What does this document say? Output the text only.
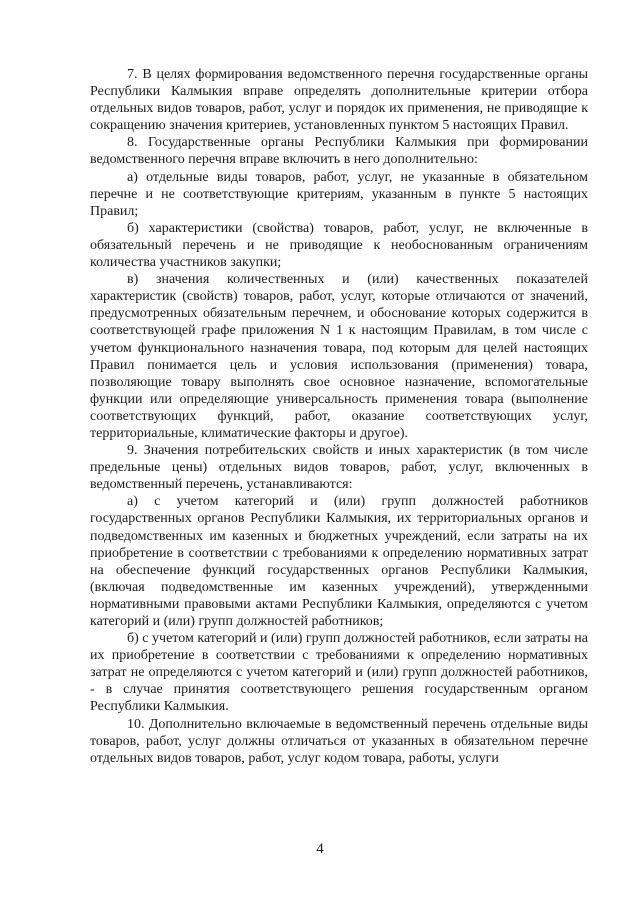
7. В целях формирования ведомственного перечня государственные органы Республики Калмыкия вправе определять дополнительные критерии отбора отдельных видов товаров, работ, услуг и порядок их применения, не приводящие к сокращению значения критериев, установленных пунктом 5 настоящих Правил.

8. Государственные органы Республики Калмыкия при формировании ведомственного перечня вправе включить в него дополнительно:

а) отдельные виды товаров, работ, услуг, не указанные в обязательном перечне и не соответствующие критериям, указанным в пункте 5 настоящих Правил;

б) характеристики (свойства) товаров, работ, услуг, не включенные в обязательный перечень и не приводящие к необоснованным ограничениям количества участников закупки;

в) значения количественных и (или) качественных показателей характеристик (свойств) товаров, работ, услуг, которые отличаются от значений, предусмотренных обязательным перечнем, и обоснование которых содержится в соответствующей графе приложения N 1 к настоящим Правилам, в том числе с учетом функционального назначения товара, под которым для целей настоящих Правил понимается цель и условия использования (применения) товара, позволяющие товару выполнять свое основное назначение, вспомогательные функции или определяющие универсальность применения товара (выполнение соответствующих функций, работ, оказание соответствующих услуг, территориальные, климатические факторы и другое).

9. Значения потребительских свойств и иных характеристик (в том числе предельные цены) отдельных видов товаров, работ, услуг, включенных в ведомственный перечень, устанавливаются:

а) с учетом категорий и (или) групп должностей работников государственных органов Республики Калмыкия, их территориальных органов и подведомственных им казенных и бюджетных учреждений, если затраты на их приобретение в соответствии с требованиями к определению нормативных затрат на обеспечение функций государственных органов Республики Калмыкия, (включая подведомственные им казенных учреждений), утвержденными нормативными правовыми актами Республики Калмыкия, определяются с учетом категорий и (или) групп должностей работников;

б) с учетом категорий и (или) групп должностей работников, если затраты на их приобретение в соответствии с требованиями к определению нормативных затрат не определяются с учетом категорий и (или) групп должностей работников, - в случае принятия соответствующего решения государственным органом Республики Калмыкия.

10. Дополнительно включаемые в ведомственный перечень отдельные виды товаров, работ, услуг должны отличаться от указанных в обязательном перечне отдельных видов товаров, работ, услуг кодом товара, работы, услуги

4
